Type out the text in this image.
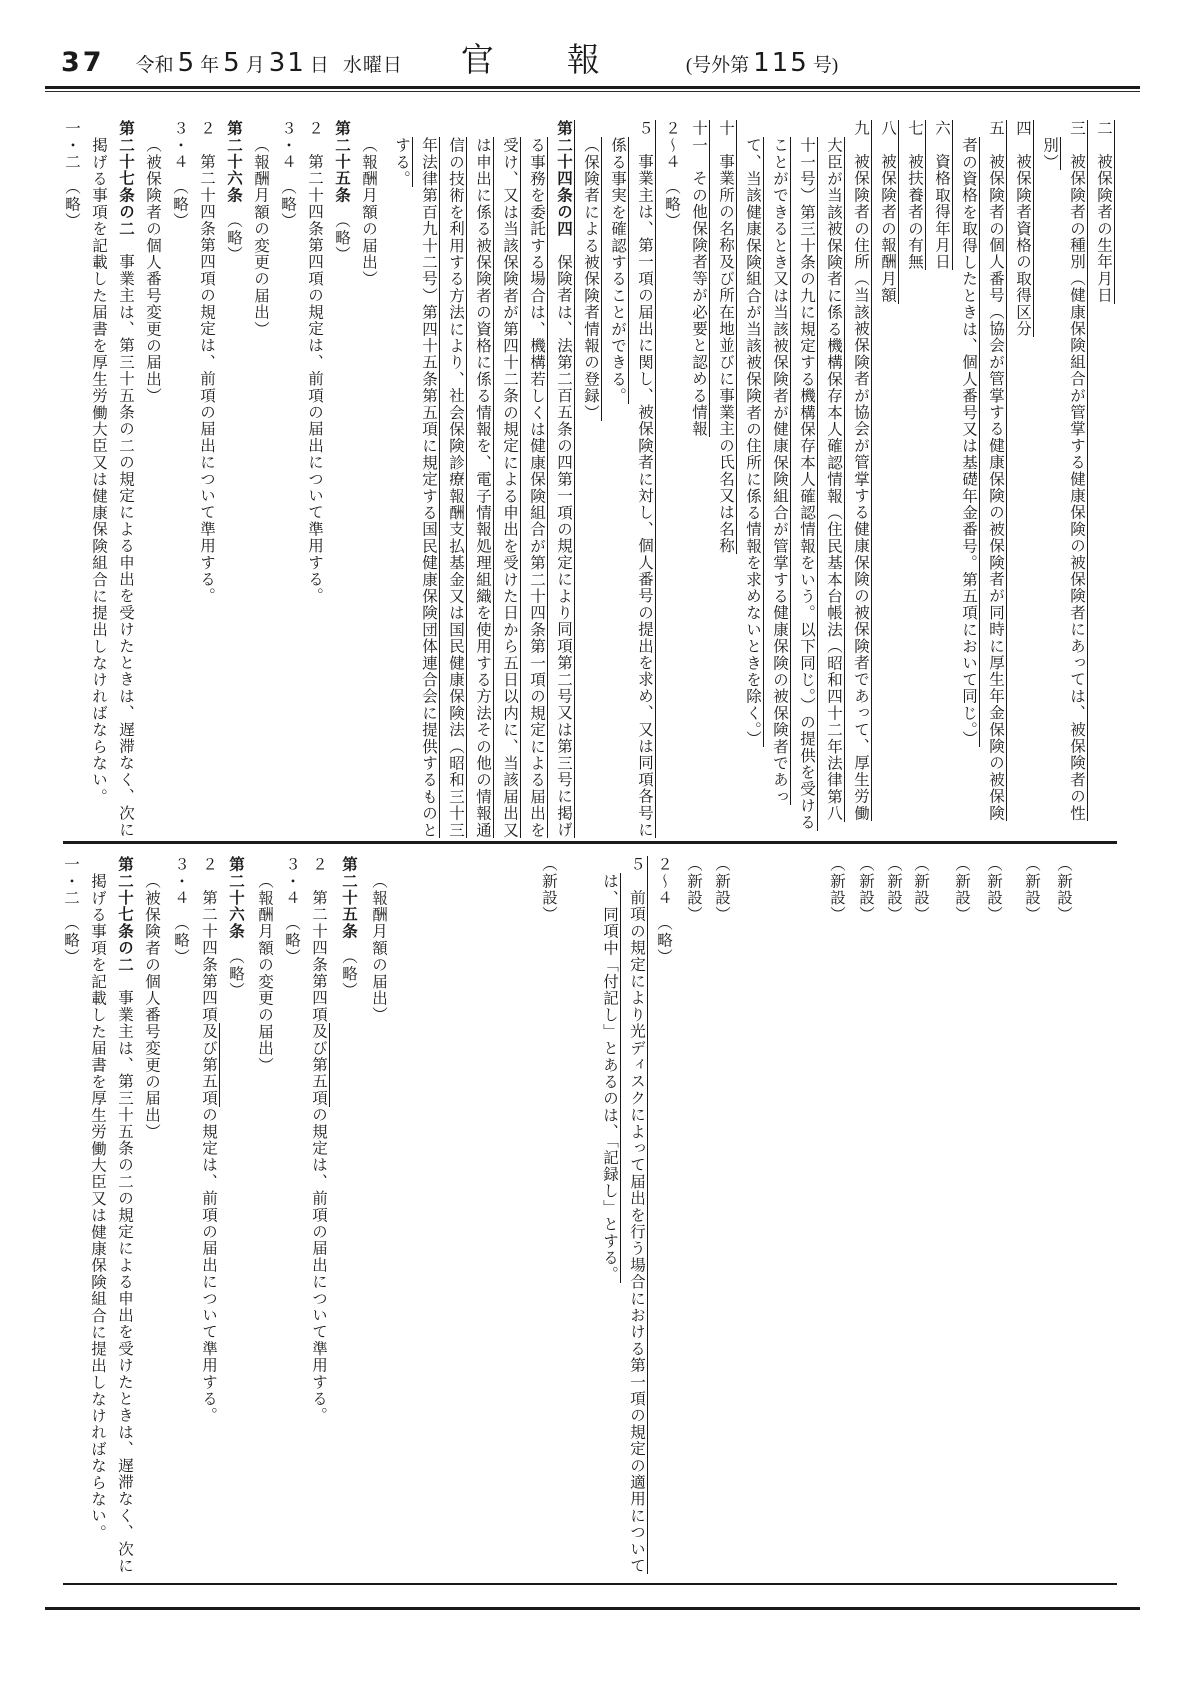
37 令和 5 年 5 月 31 日 水曜日 官　報	(号外第 115 号)
二　被保険者の生年月日
三　被保険者の種別（健康保険組合が管掌する健康保険の被保険者にあっては、被保険者の性
別）
四　被保険者資格の取得区分
五　被保険者の個人番号（協会が管掌する健康保険の被保険者が同時に厚生年金保険の被保険
者の資格を取得したときは、個人番号又は基礎年金番号。第五項において同じ。）
六　資格取得年月日
七　被扶養者の有無
八　被保険者の報酬月額
九　被保険者の住所（当該被保険者が協会が管掌する健康保険の被保険者であって、厚生労働
大臣が当該被保険者に係る機構保存本人確認情報（住民基本台帳法（昭和四十二年法律第八
十一号）第三十条の九に規定する機構保存本人確認情報をいう。以下同じ。）の提供を受ける
ことができるとき又は当該被保険者が健康保険組合が管掌する健康保険の被保険者であっ
て、当該健康保険組合が当該被保険者の住所に係る情報を求めないときを除く。）
十　事業所の名称及び所在地並びに事業主の氏名又は名称
十一　その他保険者等が必要と認める情報
２～４　（略）
５　事業主は、第一項の届出に関し、被保険者に対し、個人番号の提出を求め、又は同項各号に
係る事実を確認することができる。
（保険者による被保険者情報の登録）
第二十四条の四　保険者は、法第二百五条の四第一項の規定により同項第二号又は第三号に掲げ
る事務を委託する場合は、機構若しくは健康保険組合が第二十四条第一項の規定による届出を
受け、又は当該保険者が第四十二条の規定による申出を受けた日から五日以内に、当該届出又
は申出に係る被保険者の資格に係る情報を、電子情報処理組織を使用する方法その他の情報通
信の技術を利用する方法により、社会保険診療報酬支払基金又は国民健康保険法（昭和三十三
年法律第百九十二号）第四十五条第五項に規定する国民健康保険団体連合会に提供するものと
する。
（報酬月額の届出）
第二十五条　（略）
２　第二十四条第四項の規定は、前項の届出について準用する。
３・４　（略）
（報酬月額の変更の届出）
第二十六条　（略）
２　第二十四条第四項の規定は、前項の届出について準用する。
３・４　（略）
（被保険者の個人番号変更の届出）
第二十七条の二　事業主は、第三十五条の二の規定による申出を受けたときは、遅滞なく、次に
掲げる事項を記載した届書を厚生労働大臣又は健康保険組合に提出しなければならない。
一・二　（略）
（新設）
（新設）
（新設）
（新設）
（新設）
（新設）
（新設）
（新設）
（新設）
（新設）
２～４　（略）
５　前項の規定により光ディスクによって届出を行う場合における第一項の規定の適用について
は、同項中「付記し」とあるのは、「記録し」とする。
（新設）
（報酬月額の届出）
第二十五条　（略）
２　第二十四条第四項及び第五項の規定は、前項の届出について準用する。
３・４　（略）
（報酬月額の変更の届出）
第二十六条　（略）
２　第二十四条第四項及び第五項の規定は、前項の届出について準用する。
３・４　（略）
（被保険者の個人番号変更の届出）
第二十七条の二　事業主は、第三十五条の二の規定による申出を受けたときは、遅滞なく、次に
掲げる事項を記載した届書を厚生労働大臣又は健康保険組合に提出しなければならない。
一・二　（略）
